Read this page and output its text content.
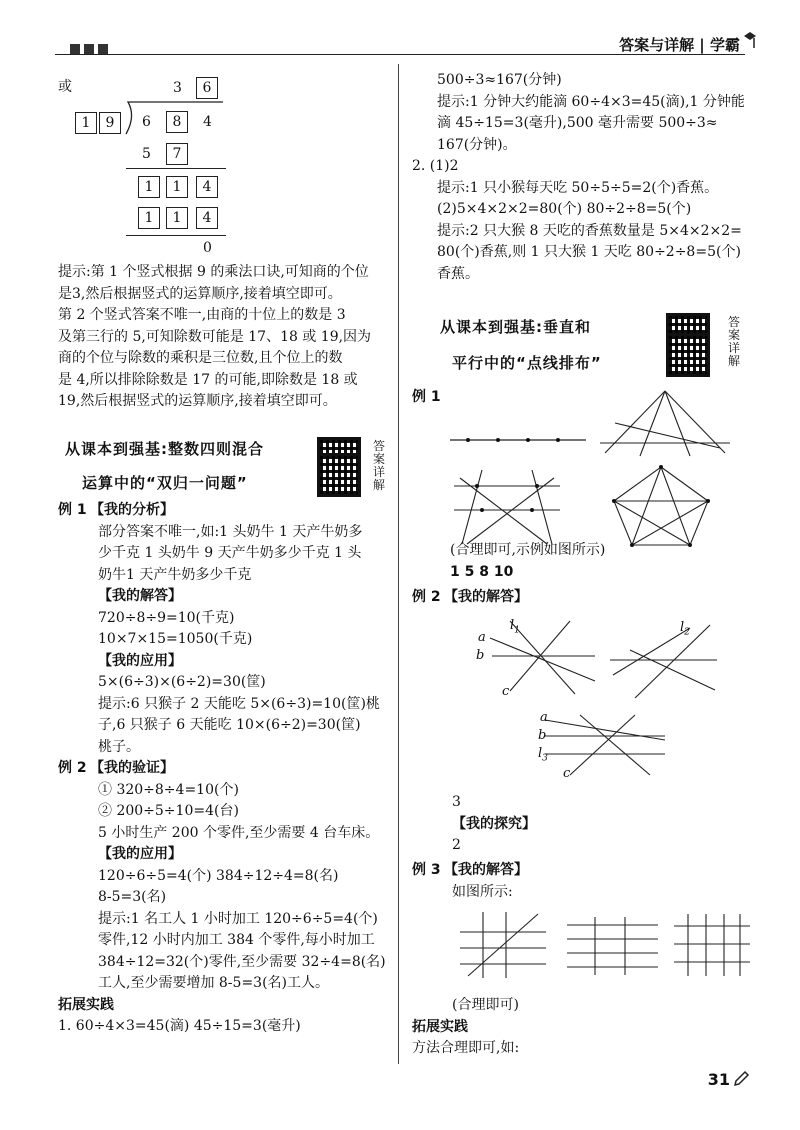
答案与详解 | 学霸
或	3	6
1	9	6	8	4
5	7
1	1	4
1	1	4
0

提示:第 1 个竖式根据 9 的乘法口诀,可知商的个位

是3,然后根据竖式的运算顺序,接着填空即可。

第 2 个竖式答案不唯一,由商的十位上的数是 3

及第三行的 5,可知除数可能是 17、18 或 19,因为

商的个位与除数的乘积是三位数,且个位上的数

是 4,所以排除除数是 17 的可能,即除数是 18 或

19,然后根据竖式的运算顺序,接着填空即可。

从课本到强基:整数四则混合
运算中的“双归一问题”
答案详解

例 1 【我的分析】

部分答案不唯一,如:1 头奶牛 1 天产牛奶多

少千克 1 头奶牛 9 天产牛奶多少千克 1 头

奶牛1 天产牛奶多少千克

【我的解答】

720÷8÷9=10(千克)

10×7×15=1050(千克)

【我的应用】

5×(6÷3)×(6÷2)=30(筐)

提示:6 只猴子 2 天能吃 5×(6÷3)=10(筐)桃

子,6 只猴子 6 天能吃 10×(6÷2)=30(筐)

桃子。

例 2 【我的验证】

① 320÷8÷4=10(个)

② 200÷5÷10=4(台)

5 小时生产 200 个零件,至少需要 4 台车床。

【我的应用】

120÷6÷5=4(个) 384÷12÷4=8(名)

8-5=3(名)

提示:1 名工人 1 小时加工 120÷6÷5=4(个)

零件,12 小时内加工 384 个零件,每小时加工

384÷12=32(个)零件,至少需要 32÷4=8(名)

工人,至少需要增加 8-5=3(名)工人。

拓展实践

1. 60÷4×3=45(滴) 45÷15=3(毫升)

500÷3≈167(分钟)

提示:1 分钟大约能滴 60÷4×3=45(滴),1 分钟能

滴 45÷15=3(毫升),500 毫升需要 500÷3≈

167(分钟)。

2. (1)2

提示:1 只小猴每天吃 50÷5÷5=2(个)香蕉。

(2)5×4×2×2=80(个) 80÷2÷8=5(个)

提示:2 只大猴 8 天吃的香蕉数量是 5×4×2×2=

80(个)香蕉,则 1 只大猴 1 天吃 80÷2÷8=5(个)

香蕉。

从课本到强基:垂直和
平行中的“点线排布”
答案详解
例 1

(合理即可,示例如图所示)

1 5 8 10

例 2 【我的解答】
a
b
c
$l_1$	$l_2$
a
b
$l_3$
c

3

【我的探究】

2

例 3 【我的解答】

如图所示:

(合理即可)

拓展实践

方法合理即可,如:

31
